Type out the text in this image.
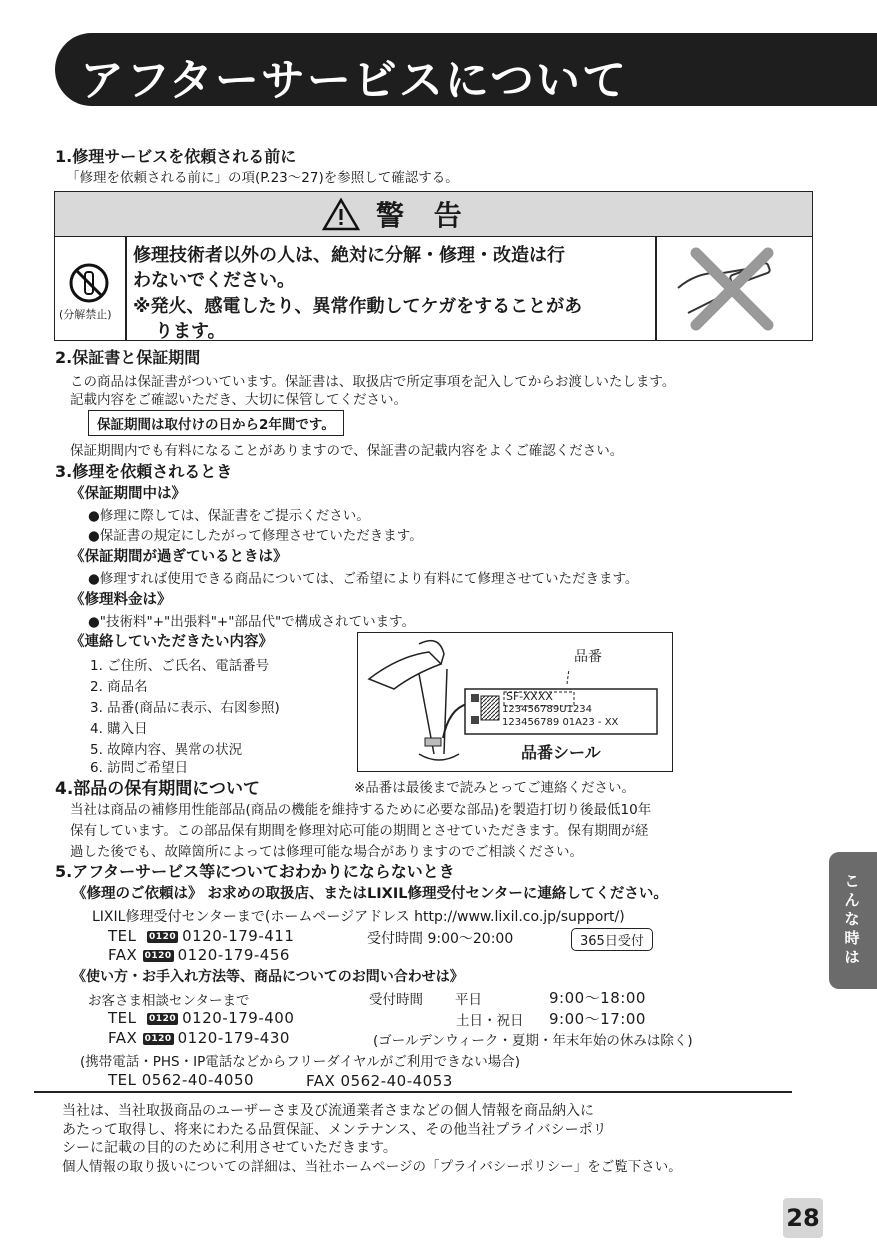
アフターサービスについて
1.修理サービスを依頼される前に
「修理を依頼される前に」の項(P.23〜27)を参照して確認する。
警 告
(分解禁止)
修理技術者以外の人は、絶対に分解・修理・改造は行
わないでください。
※発火、感電したり、異常作動してケガをすることがあ
ります。
2.保証書と保証期間
この商品は保証書がついています。保証書は、取扱店で所定事項を記入してからお渡しいたします。
記載内容をご確認いただき、大切に保管してください。
保証期間は取付けの日から2年間です。
保証期間内でも有料になることがありますので、保証書の記載内容をよくご確認ください。
3.修理を依頼されるとき
《保証期間中は》
●修理に際しては、保証書をご提示ください。
●保証書の規定にしたがって修理させていただきます。
《保証期間が過ぎているときは》
●修理すれば使用できる商品については、ご希望により有料にて修理させていただきます。
《修理料金は》
●"技術料"+"出張料"+"部品代"で構成されています。
《連絡していただきたい内容》
1. ご住所、ご氏名、電話番号
2. 商品名
3. 品番(商品に表示、右図参照)
4. 購入日
5. 故障内容、異常の状況
6. 訪問ご希望日
品番
SF-XXXX
123456789U1234
123456789 01A23 - XX
品番シール
※品番は最後まで読みとってご連絡ください。
4.部品の保有期間について
当社は商品の補修用性能部品(商品の機能を維持するために必要な部品)を製造打切り後最低10年
保有しています。この部品保有期間を修理対応可能の期間とさせていただきます。保有期間が経
過した後でも、故障箇所によっては修理可能な場合がありますのでご相談ください。
5.アフターサービス等についておわかりにならないとき
《修理のご依頼は》 お求めの取扱店、またはLIXIL修理受付センターに連絡してください。
LIXIL修理受付センターまで(ホームページアドレス http://www.lixil.co.jp/support/)
TEL 0120 0120-179-411
FAX 0120 0120-179-456
受付時間 9:00〜20:00	365日受付
《使い方・お手入れ方法等、商品についてのお問い合わせは》
お客さま相談センターまで	受付時間 平日	9:00〜18:00
TEL 0120 0120-179-400	土日・祝日 9:00〜17:00
FAX 0120 0120-179-430	(ゴールデンウィーク・夏期・年末年始の休みは除く)
(携帯電話・PHS・IP電話などからフリーダイヤルがご利用できない場合)
TEL 0562-40-4050	FAX 0562-40-4053
当社は、当社取扱商品のユーザーさま及び流通業者さまなどの個人情報を商品納入に
あたって取得し、将来にわたる品質保証、メンテナンス、その他当社プライバシーポリ
シーに記載の目的のために利用させていただきます。
個人情報の取り扱いについての詳細は、当社ホームページの「プライバシーポリシー」をご覧下さい。
こんな時は
28
